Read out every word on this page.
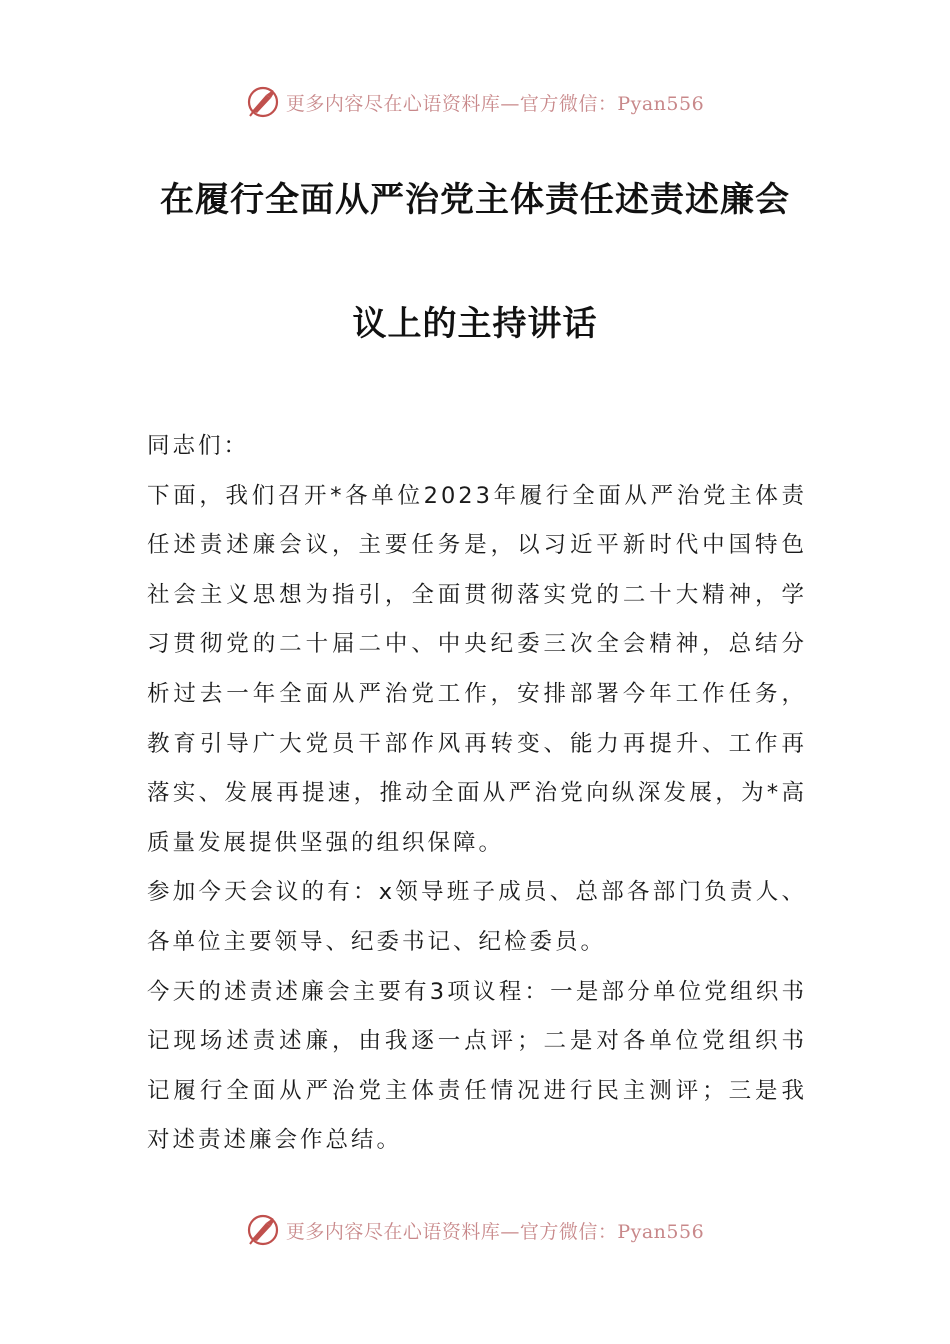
更多内容尽在心语资料库—官方微信：Pyan556
在履行全面从严治党主体责任述责述廉会
议上的主持讲话

同志们：

下面，我们召开*各单位2023年履行全面从严治党主体责任述责述廉会议，主要任务是，以习近平新时代中国特色社会主义思想为指引，全面贯彻落实党的二十大精神，学习贯彻党的二十届二中、中央纪委三次全会精神，总结分析过去一年全面从严治党工作，安排部署今年工作任务，教育引导广大党员干部作风再转变、能力再提升、工作再落实、发展再提速，推动全面从严治党向纵深发展，为*高质量发展提供坚强的组织保障。

参加今天会议的有：x领导班子成员、总部各部门负责人、各单位主要领导、纪委书记、纪检委员。

今天的述责述廉会主要有3项议程：一是部分单位党组织书记现场述责述廉，由我逐一点评；二是对各单位党组织书记履行全面从严治党主体责任情况进行民主测评；三是我对述责述廉会作总结。

更多内容尽在心语资料库—官方微信：Pyan556
